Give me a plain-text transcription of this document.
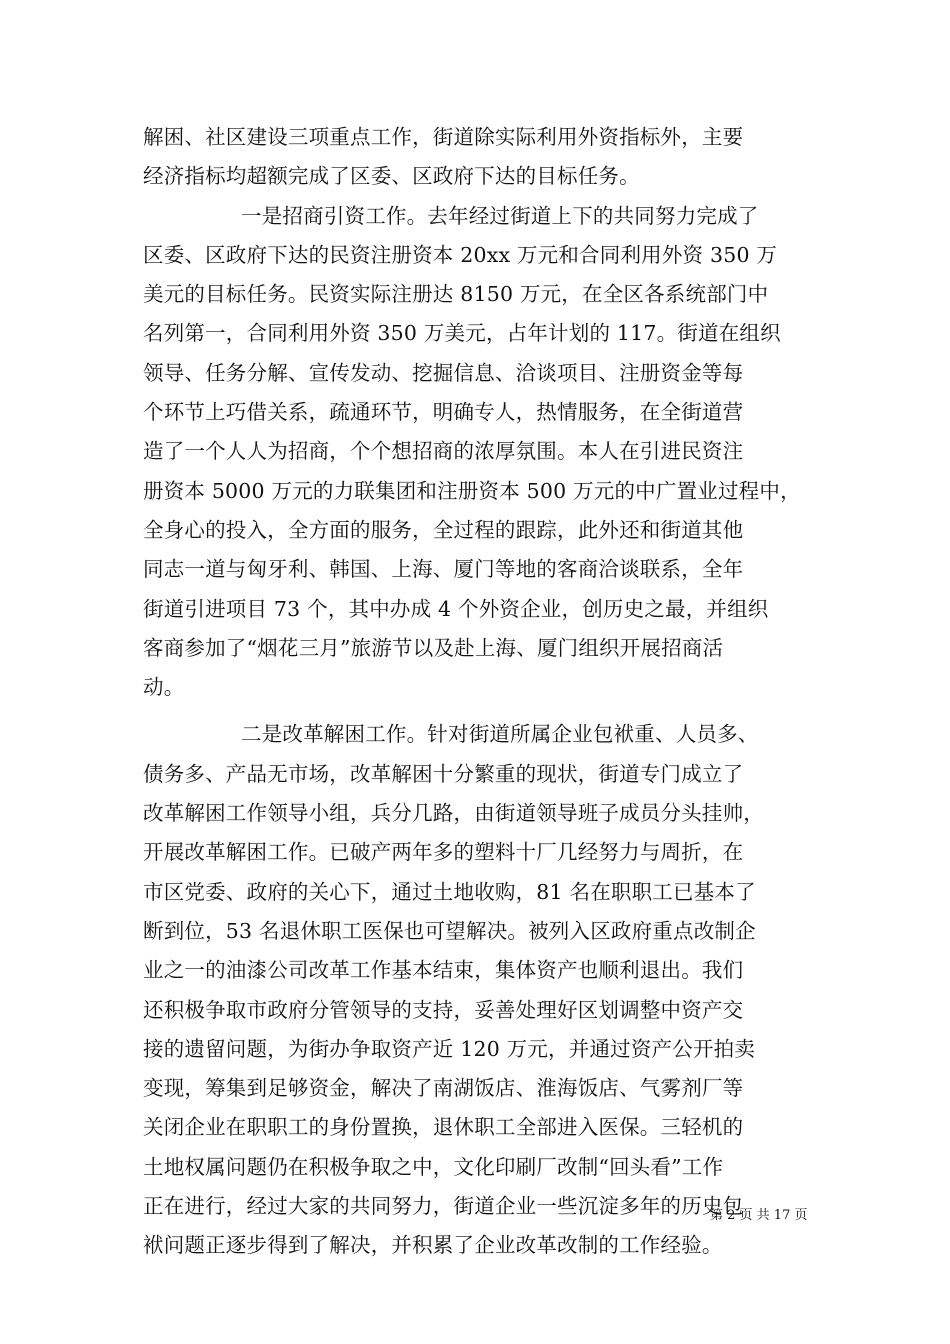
解困、社区建设三项重点工作，街道除实际利用外资指标外，主要
经济指标均超额完成了区委、区政府下达的目标任务。
一是招商引资工作。去年经过街道上下的共同努力完成了
区委、区政府下达的民资注册资本 20xx 万元和合同利用外资 350 万
美元的目标任务。民资实际注册达 8150 万元，在全区各系统部门中
名列第一，合同利用外资 350 万美元，占年计划的 117。街道在组织
领导、任务分解、宣传发动、挖掘信息、洽谈项目、注册资金等每
个环节上巧借关系，疏通环节，明确专人，热情服务，在全街道营
造了一个人人为招商，个个想招商的浓厚氛围。本人在引进民资注
册资本 5000 万元的力联集团和注册资本 500 万元的中广置业过程中，
全身心的投入，全方面的服务，全过程的跟踪，此外还和街道其他
同志一道与匈牙利、韩国、上海、厦门等地的客商洽谈联系，全年
街道引进项目 73 个，其中办成 4 个外资企业，创历史之最，并组织
客商参加了“烟花三月”旅游节以及赴上海、厦门组织开展招商活
动。
二是改革解困工作。针对街道所属企业包袱重、人员多、
债务多、产品无市场，改革解困十分繁重的现状，街道专门成立了
改革解困工作领导小组，兵分几路，由街道领导班子成员分头挂帅，
开展改革解困工作。已破产两年多的塑料十厂几经努力与周折，在
市区党委、政府的关心下，通过土地收购，81 名在职职工已基本了
断到位，53 名退休职工医保也可望解决。被列入区政府重点改制企
业之一的油漆公司改革工作基本结束，集体资产也顺利退出。我们
还积极争取市政府分管领导的支持，妥善处理好区划调整中资产交
接的遗留问题，为街办争取资产近 120 万元，并通过资产公开拍卖
变现，筹集到足够资金，解决了南湖饭店、淮海饭店、气雾剂厂等
关闭企业在职职工的身份置换，退休职工全部进入医保。三轻机的
土地权属问题仍在积极争取之中，文化印刷厂改制“回头看”工作
正在进行，经过大家的共同努力，街道企业一些沉淀多年的历史包
袱问题正逐步得到了解决，并积累了企业改革改制的工作经验。
第 2 页 共 17 页
